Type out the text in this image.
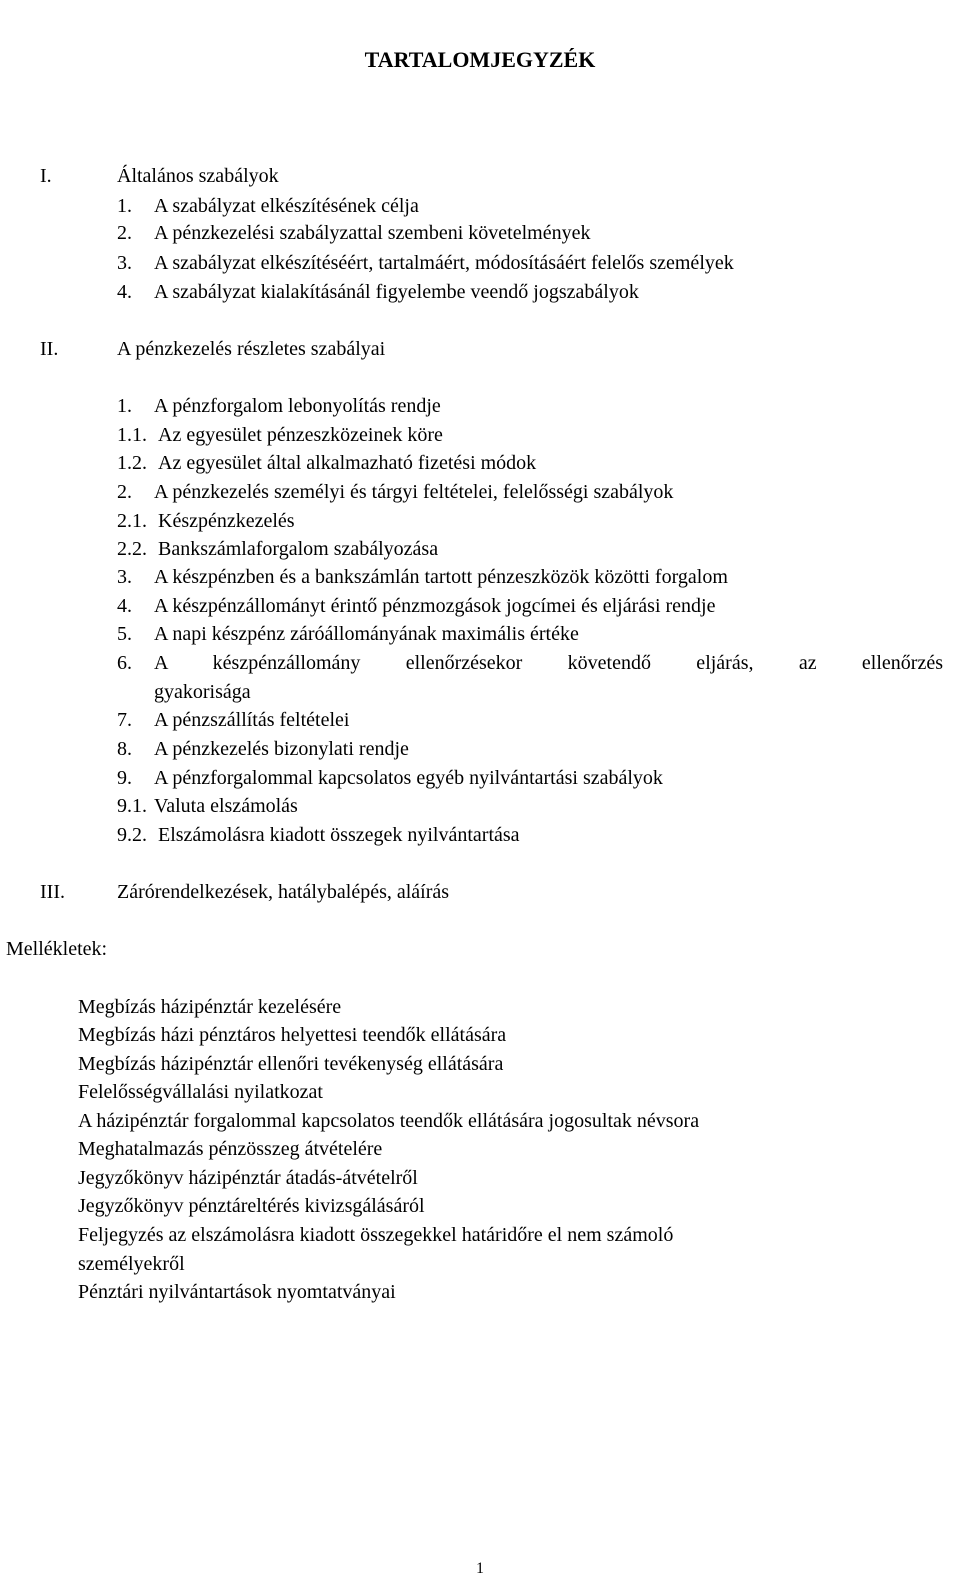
TARTALOMJEGYZÉK
I.	Általános szabályok
1. A szabályzat elkészítésének célja
2. A pénzkezelési szabályzattal szembeni követelmények
3. A szabályzat elkészítéséért, tartalmáért, módosításáért felelős személyek
4. A szabályzat kialakításánál figyelembe veendő jogszabályok
II.	A pénzkezelés részletes szabályai
1. A pénzforgalom lebonyolítás rendje
1.1. Az egyesület pénzeszközeinek köre
1.2. Az egyesület által alkalmazható fizetési módok
2. A pénzkezelés személyi és tárgyi feltételei, felelősségi szabályok
2.1. Készpénzkezelés
2.2. Bankszámlaforgalom szabályozása
3. A készpénzben és a bankszámlán tartott pénzeszközök közötti forgalom
4. A készpénzállományt érintő pénzmozgások jogcímei és eljárási rendje
5. A napi készpénz záróállományának maximális értéke
6. A készpénzállomány ellenőrzésekor követendő eljárás, az ellenőrzés
gyakorisága
7. A pénzszállítás feltételei
8. A pénzkezelés bizonylati rendje
9. A pénzforgalommal kapcsolatos egyéb nyilvántartási szabályok
9.1. Valuta elszámolás
9.2. Elszámolásra kiadott összegek nyilvántartása
III.	Zárórendelkezések, hatálybalépés, aláírás
Mellékletek:
Megbízás házipénztár kezelésére
Megbízás házi pénztáros helyettesi teendők ellátására
Megbízás házipénztár ellenőri tevékenység ellátására
Felelősségvállalási nyilatkozat
A házipénztár forgalommal kapcsolatos teendők ellátására jogosultak névsora
Meghatalmazás pénzösszeg átvételére
Jegyzőkönyv házipénztár átadás-átvételről
Jegyzőkönyv pénztáreltérés kivizsgálásáról
Feljegyzés az elszámolásra kiadott összegekkel határidőre el nem számoló
személyekről
Pénztári nyilvántartások nyomtatványai
1
